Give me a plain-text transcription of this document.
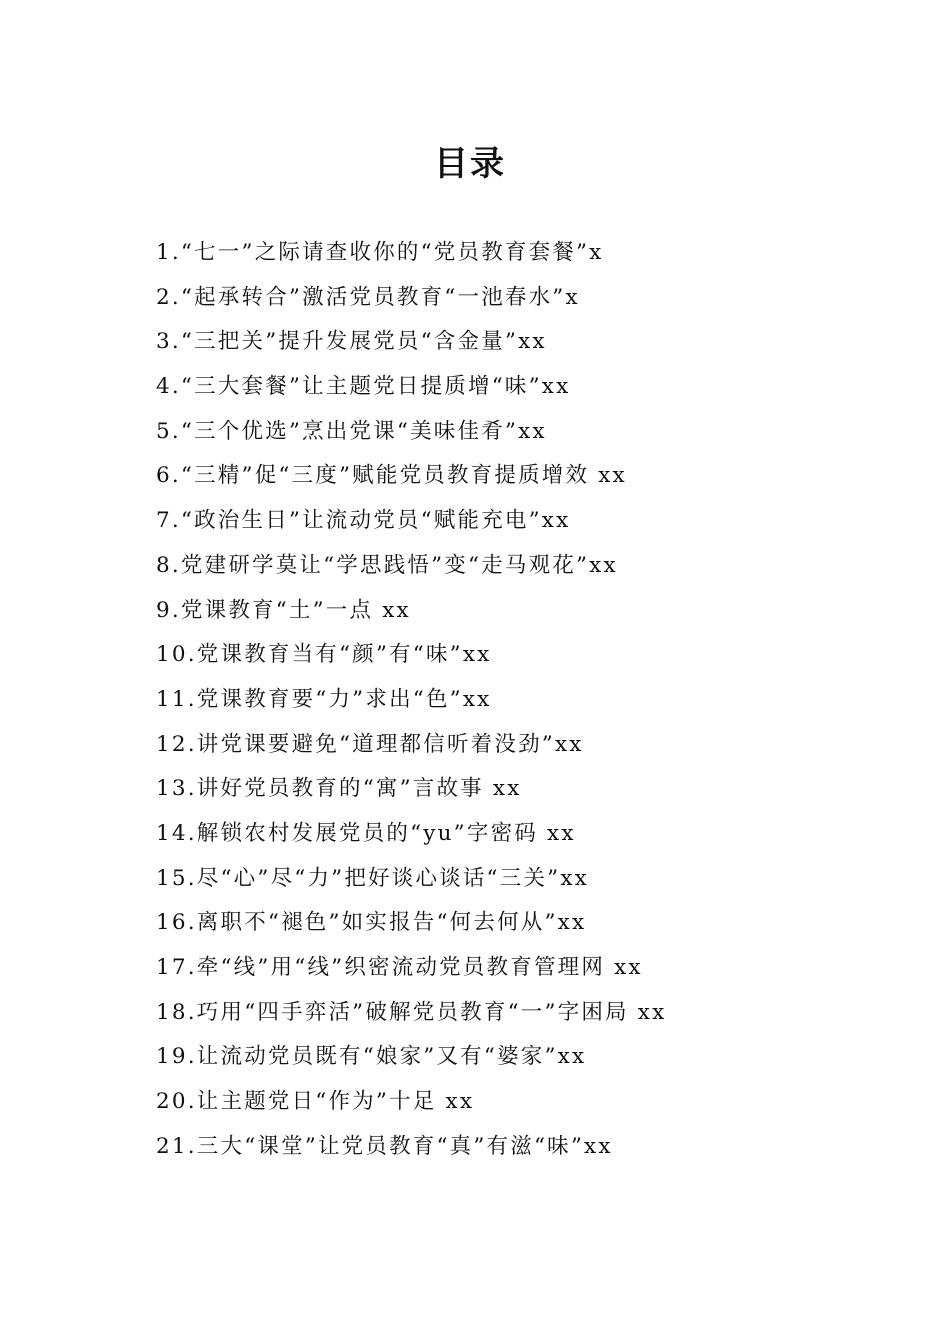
目录
1.“七一”之际请查收你的“党员教育套餐”x
2.“起承转合”激活党员教育“一池春水”x
3.“三把关”提升发展党员“含金量”xx
4.“三大套餐”让主题党日提质增“味”xx
5.“三个优选”烹出党课“美味佳肴”xx
6.“三精”促“三度”赋能党员教育提质增效 xx
7.“政治生日”让流动党员“赋能充电”xx
8.党建研学莫让“学思践悟”变“走马观花”xx
9.党课教育“土”一点 xx
10.党课教育当有“颜”有“味”xx
11.党课教育要“力”求出“色”xx
12.讲党课要避免“道理都信听着没劲”xx
13.讲好党员教育的“寓”言故事 xx
14.解锁农村发展党员的“yu”字密码 xx
15.尽“心”尽“力”把好谈心谈话“三关”xx
16.离职不“褪色”如实报告“何去何从”xx
17.牵“线”用“线”织密流动党员教育管理网 xx
18.巧用“四手弈活”破解党员教育“一”字困局 xx
19.让流动党员既有“娘家”又有“婆家”xx
20.让主题党日“作为”十足 xx
21.三大“课堂”让党员教育“真”有滋“味”xx
